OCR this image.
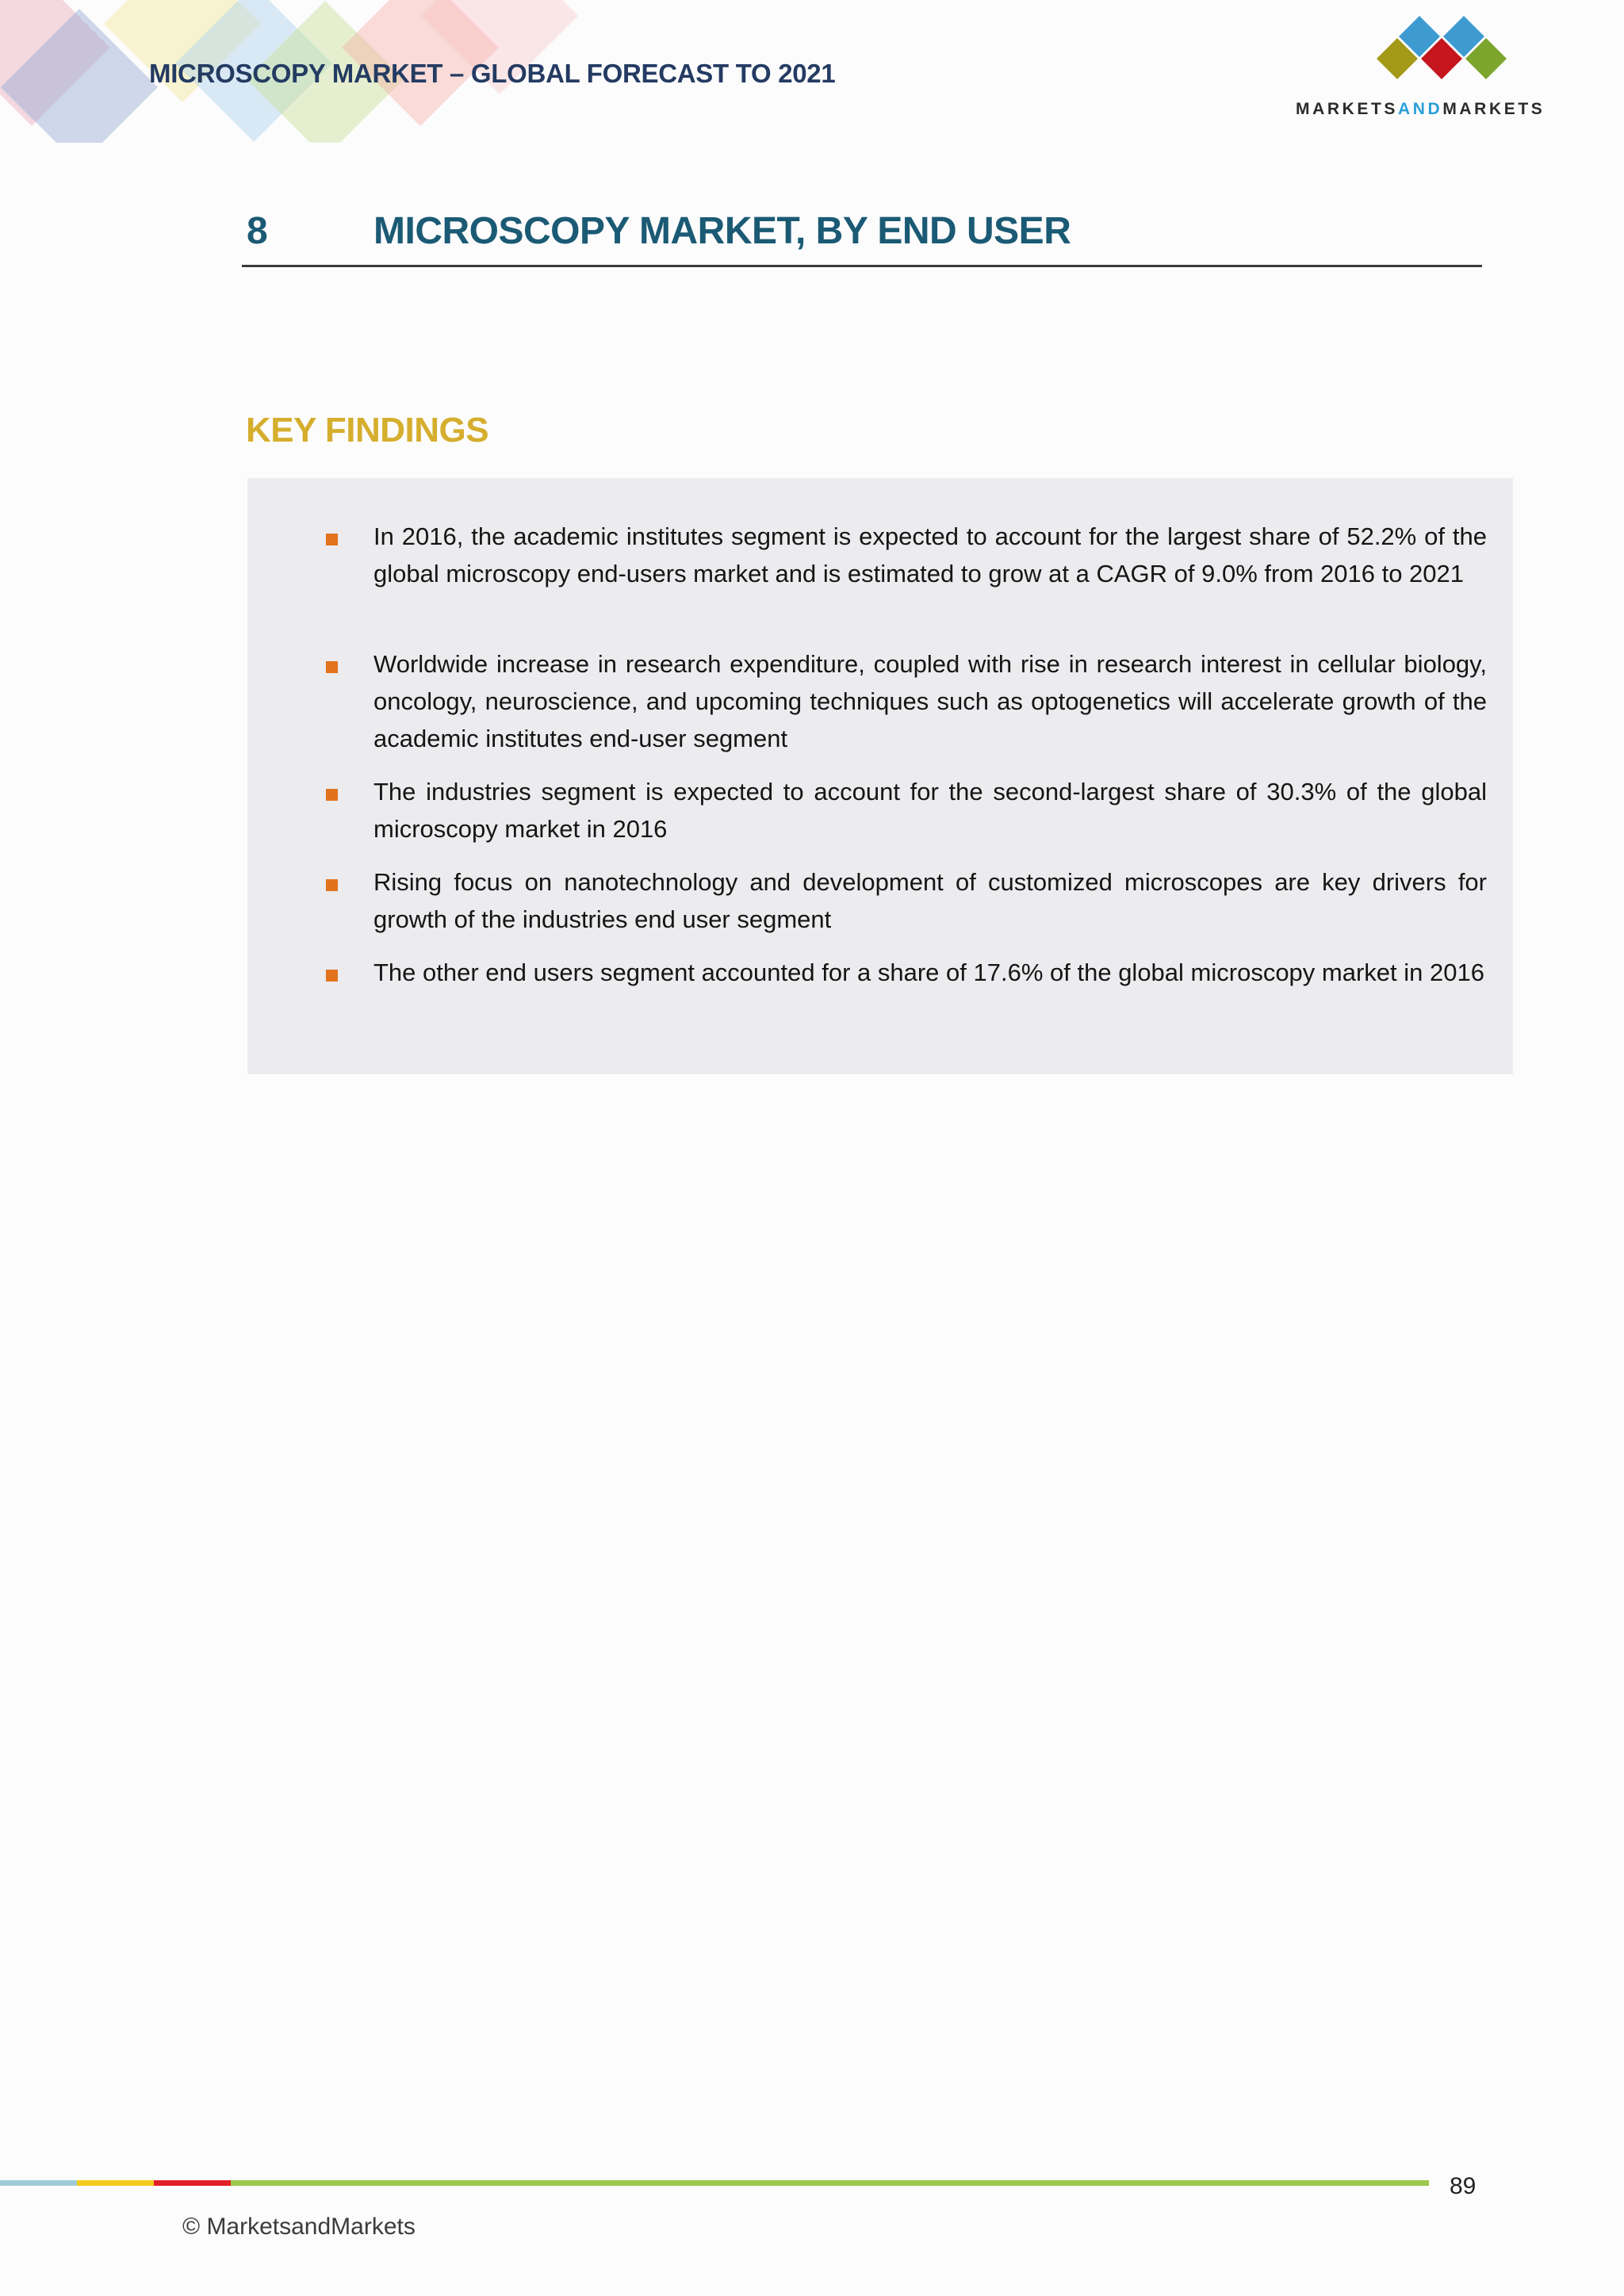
MICROSCOPY MARKET – GLOBAL FORECAST TO 2021
MARKETSANDMARKETS
8	MICROSCOPY MARKET, BY END USER
KEY FINDINGS
In 2016, the academic institutes segment is expected to account for the largest share of 52.2% of the global microscopy end-users market and is estimated to grow at a CAGR of 9.0% from 2016 to 2021
Worldwide increase in research expenditure, coupled with rise in research interest in cellular biology, oncology, neuroscience, and upcoming techniques such as optogenetics will accelerate growth of the academic institutes end-user segment
The industries segment is expected to account for the second-largest share of 30.3% of the global microscopy market in 2016
Rising focus on nanotechnology and development of customized microscopes are key drivers for growth of the industries end user segment
The other end users segment accounted for a share of 17.6% of the global microscopy market in 2016
89
© MarketsandMarkets
